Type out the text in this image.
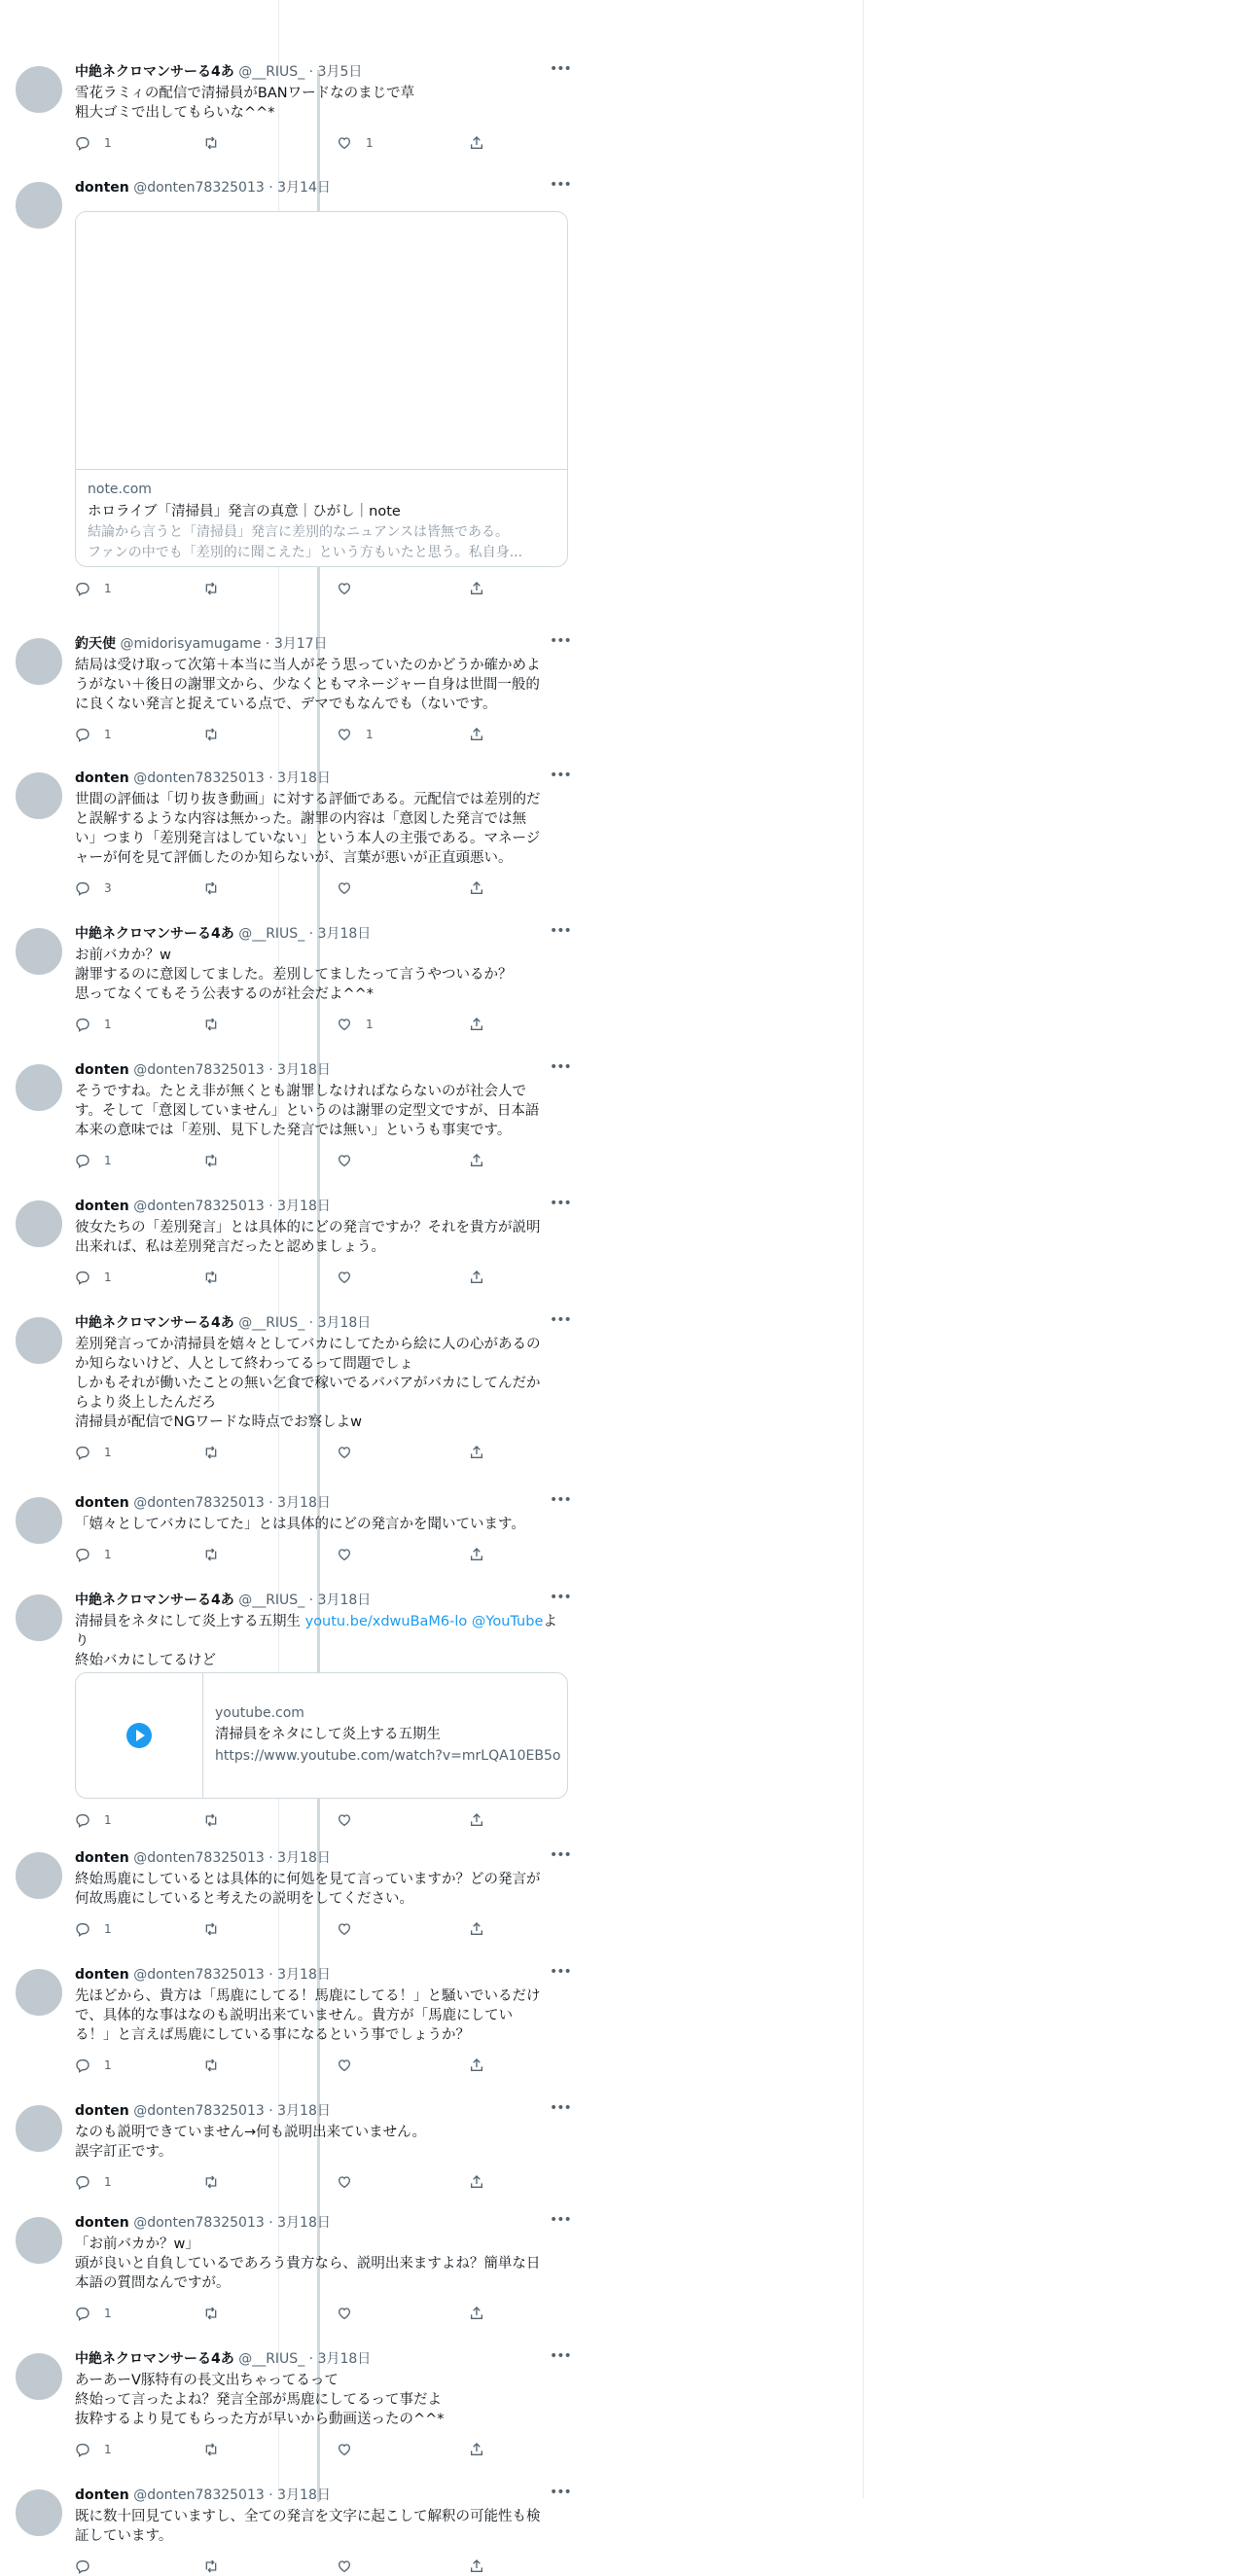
中絶ネクロマンサーる4あ @__RIUS_ · 3月5日	•••
雪花ラミィの配信で清掃員がBANワードなのまじで草
粗大ゴミで出してもらいな^^*
1	1
donten @donten78325013 · 3月14日	•••
note.com
ホロライブ「清掃員」発言の真意｜ひがし｜note
結論から言うと「清掃員」発言に差別的なニュアンスは皆無である。
ファンの中でも「差別的に聞こえた」という方もいたと思う。私自身...
1
釣天使 @midorisyamugame · 3月17日	•••
結局は受け取って次第＋本当に当人がそう思っていたのかどうか確かめよ
うがない＋後日の謝罪文から、少なくともマネージャー自身は世間一般的
に良くない発言と捉えている点で、デマでもなんでも（ないです。
1	1
donten @donten78325013 · 3月18日	•••
世間の評価は「切り抜き動画」に対する評価である。元配信では差別的だ
と誤解するような内容は無かった。謝罪の内容は「意図した発言では無
い」つまり「差別発言はしていない」という本人の主張である。マネージ
ャーが何を見て評価したのか知らないが、言葉が悪いが正直頭悪い。
3
中絶ネクロマンサーる4あ @__RIUS_ · 3月18日	•••
お前バカか？w
謝罪するのに意図してました。差別してましたって言うやついるか？
思ってなくてもそう公表するのが社会だよ^^*
1	1
donten @donten78325013 · 3月18日	•••
そうですね。たとえ非が無くとも謝罪しなければならないのが社会人で
す。そして「意図していません」というのは謝罪の定型文ですが、日本語
本来の意味では「差別、見下した発言では無い」というも事実です。
1
donten @donten78325013 · 3月18日	•••
彼女たちの「差別発言」とは具体的にどの発言ですか？それを貴方が説明
出来れば、私は差別発言だったと認めましょう。
1
中絶ネクロマンサーる4あ @__RIUS_ · 3月18日	•••
差別発言ってか清掃員を嬉々としてバカにしてたから絵に人の心があるの
か知らないけど、人として終わってるって問題でしょ
しかもそれが働いたことの無い乞食で稼いでるババアがバカにしてんだか
らより炎上したんだろ
清掃員が配信でNGワードな時点でお察しよw
1
donten @donten78325013 · 3月18日	•••
「嬉々としてバカにしてた」とは具体的にどの発言かを聞いています。
1
中絶ネクロマンサーる4あ @__RIUS_ · 3月18日	•••
清掃員をネタにして炎上する五期生 youtu.be/xdwuBaM6-lo @YouTubeより
終始バカにしてるけど
youtube.com
清掃員をネタにして炎上する五期生
https://www.youtube.com/watch?v=mrLQA10EB5o
1
donten @donten78325013 · 3月18日	•••
終始馬鹿にしているとは具体的に何処を見て言っていますか？どの発言が
何故馬鹿にしていると考えたの説明をしてください。
1
donten @donten78325013 · 3月18日	•••
先ほどから、貴方は「馬鹿にしてる！馬鹿にしてる！」と騒いでいるだけ
で、具体的な事はなのも説明出来ていません。貴方が「馬鹿にしてい
る！」と言えば馬鹿にしている事になるという事でしょうか？
1
donten @donten78325013 · 3月18日	•••
なのも説明できていません→何も説明出来ていません。
誤字訂正です。
1
donten @donten78325013 · 3月18日	•••
「お前バカか？w」
頭が良いと自負しているであろう貴方なら、説明出来ますよね？簡単な日
本語の質問なんですが。
1
中絶ネクロマンサーる4あ @__RIUS_ · 3月18日	•••
あーあーV豚特有の長文出ちゃってるって
終始って言ったよね？発言全部が馬鹿にしてるって事だよ
抜粋するより見てもらった方が早いから動画送ったの^^*
1
donten @donten78325013 · 3月18日	•••
既に数十回見ていますし、全ての発言を文字に起こして解釈の可能性も検
証しています。
